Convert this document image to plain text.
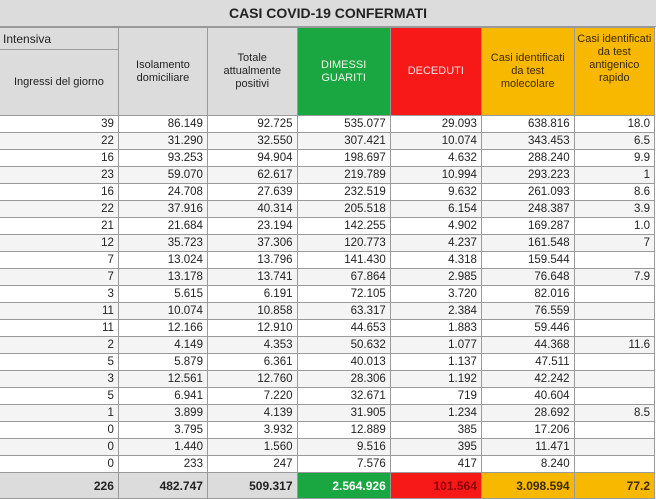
CASI COVID-19 CONFERMATI
Intensiva	Isolamento domiciliare	Totale attualmente positivi	DIMESSI GUARITI	DECEDUTI	Casi identificati da test molecolare	Casi identificati da test antigenico rapido
Ingressi del giorno						
39	86.149	92.725	535.077	29.093	638.816	18.0
22	31.290	32.550	307.421	10.074	343.453	6.5
16	93.253	94.904	198.697	4.632	288.240	9.9
23	59.070	62.617	219.789	10.994	293.223	1
16	24.708	27.639	232.519	9.632	261.093	8.6
22	37.916	40.314	205.518	6.154	248.387	3.9
21	21.684	23.194	142.255	4.902	169.287	1.0
12	35.723	37.306	120.773	4.237	161.548	7
7	13.024	13.796	141.430	4.318	159.544	
7	13.178	13.741	67.864	2.985	76.648	7.9
3	5.615	6.191	72.105	3.720	82.016	
11	10.074	10.858	63.317	2.384	76.559	
11	12.166	12.910	44.653	1.883	59.446	
2	4.149	4.353	50.632	1.077	44.368	11.6
5	5.879	6.361	40.013	1.137	47.511	
3	12.561	12.760	28.306	1.192	42.242	
5	6.941	7.220	32.671	719	40.604	
1	3.899	4.139	31.905	1.234	28.692	8.5
0	3.795	3.932	12.889	385	17.206	
0	1.440	1.560	9.516	395	11.471	
0	233	247	7.576	417	8.240	
226	482.747	509.317	2.564.926	101.564	3.098.594	77.2
